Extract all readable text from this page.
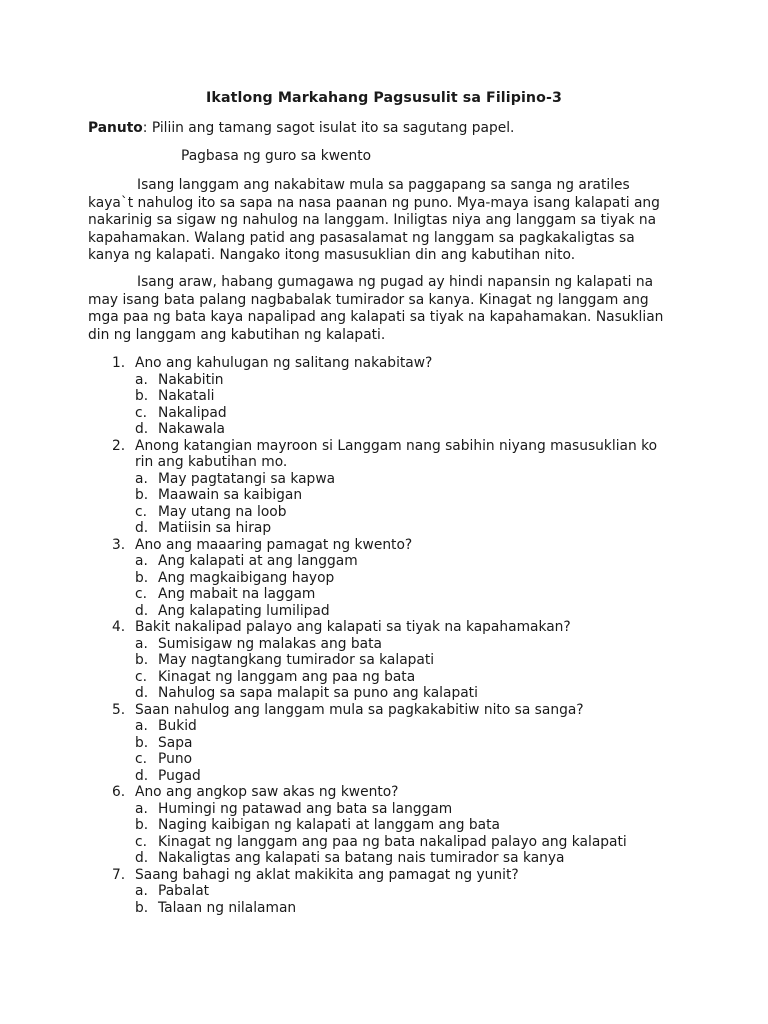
Ikatlong Markahang Pagsusulit sa Filipino-3
Panuto: Piliin ang tamang sagot isulat ito sa sagutang papel.
Pagbasa ng guro sa kwento

Isang langgam ang nakabitaw mula sa paggapang sa sanga ng aratiles
kaya`t nahulog ito sa sapa na nasa paanan ng puno. Mya-maya isang kalapati ang
nakarinig sa sigaw ng nahulog na langgam. Iniligtas niya ang langgam sa tiyak na
kapahamakan. Walang patid ang pasasalamat ng langgam sa pagkakaligtas sa
kanya ng kalapati. Nangako itong masusuklian din ang kabutihan nito.

Isang araw, habang gumagawa ng pugad ay hindi napansin ng kalapati na
may isang bata palang nagbabalak tumirador sa kanya. Kinagat ng langgam ang
mga paa ng bata kaya napalipad ang kalapati sa tiyak na kapahamakan. Nasuklian
din ng langgam ang kabutihan ng kalapati.

1. Ano ang kahulugan ng salitang nakabitaw?
a. Nakabitin
b. Nakatali
c. Nakalipad
d. Nakawala
2. Anong katangian mayroon si Langgam nang sabihin niyang masusuklian ko
rin ang kabutihan mo.
a. May pagtatangi sa kapwa
b. Maawain sa kaibigan
c. May utang na loob
d. Matiisin sa hirap
3. Ano ang maaaring pamagat ng kwento?
a. Ang kalapati at ang langgam
b. Ang magkaibigang hayop
c. Ang mabait na laggam
d. Ang kalapating lumilipad
4. Bakit nakalipad palayo ang kalapati sa tiyak na kapahamakan?
a. Sumisigaw ng malakas ang bata
b. May nagtangkang tumirador sa kalapati
c. Kinagat ng langgam ang paa ng bata
d. Nahulog sa sapa malapit sa puno ang kalapati
5. Saan nahulog ang langgam mula sa pagkakabitiw nito sa sanga?
a. Bukid
b. Sapa
c. Puno
d. Pugad
6. Ano ang angkop saw akas ng kwento?
a. Humingi ng patawad ang bata sa langgam
b. Naging kaibigan ng kalapati at langgam ang bata
c. Kinagat ng langgam ang paa ng bata nakalipad palayo ang kalapati
d. Nakaligtas ang kalapati sa batang nais tumirador sa kanya
7. Saang bahagi ng aklat makikita ang pamagat ng yunit?
a. Pabalat
b. Talaan ng nilalaman
